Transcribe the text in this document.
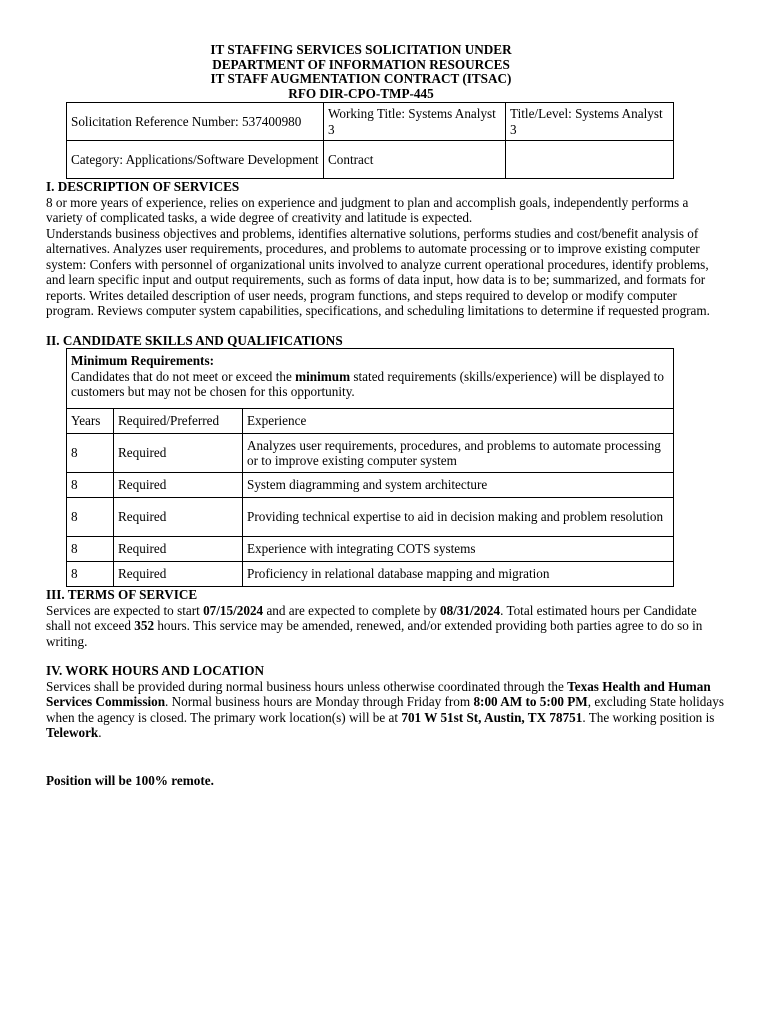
IT STAFFING SERVICES SOLICITATION UNDER
DEPARTMENT OF INFORMATION RESOURCES
IT STAFF AUGMENTATION CONTRACT (ITSAC)
RFO DIR-CPO-TMP-445
Solicitation Reference Number: 537400980	Working Title: Systems Analyst 3	Title/Level: Systems Analyst 3
Category: Applications/Software Development	Contract	

I. DESCRIPTION OF SERVICES

8 or more years of experience, relies on experience and judgment to plan and accomplish goals, independently performs a variety of complicated tasks, a wide degree of creativity and latitude is expected.

Understands business objectives and problems, identifies alternative solutions, performs studies and cost/benefit analysis of alternatives. Analyzes user requirements, procedures, and problems to automate processing or to improve existing computer system: Confers with personnel of organizational units involved to analyze current operational procedures, identify problems, and learn specific input and output requirements, such as forms of data input, how data is to be; summarized, and formats for reports. Writes detailed description of user needs, program functions, and steps required to develop or modify computer program. Reviews computer system capabilities, specifications, and scheduling limitations to determine if requested program.

II. CANDIDATE SKILLS AND QUALIFICATIONS

Minimum Requirements:
Candidates that do not meet or exceed the minimum stated requirements (skills/experience) will be displayed to customers but may not be chosen for this opportunity.		
Years	Required/Preferred	Experience
8	Required	Analyzes user requirements, procedures, and problems to automate processing or to improve existing computer system
8	Required	System diagramming and system architecture
8	Required	Providing technical expertise to aid in decision making and problem resolution
8	Required	Experience with integrating COTS systems
8	Required	Proficiency in relational database mapping and migration

III. TERMS OF SERVICE

Services are expected to start 07/15/2024 and are expected to complete by 08/31/2024. Total estimated hours per Candidate shall not exceed 352 hours. This service may be amended, renewed, and/or extended providing both parties agree to do so in writing.

IV. WORK HOURS AND LOCATION

Services shall be provided during normal business hours unless otherwise coordinated through the Texas Health and Human Services Commission. Normal business hours are Monday through Friday from 8:00 AM to 5:00 PM, excluding State holidays when the agency is closed. The primary work location(s) will be at 701 W 51st St, Austin, TX 78751. The working position is Telework.

Position will be 100% remote.
